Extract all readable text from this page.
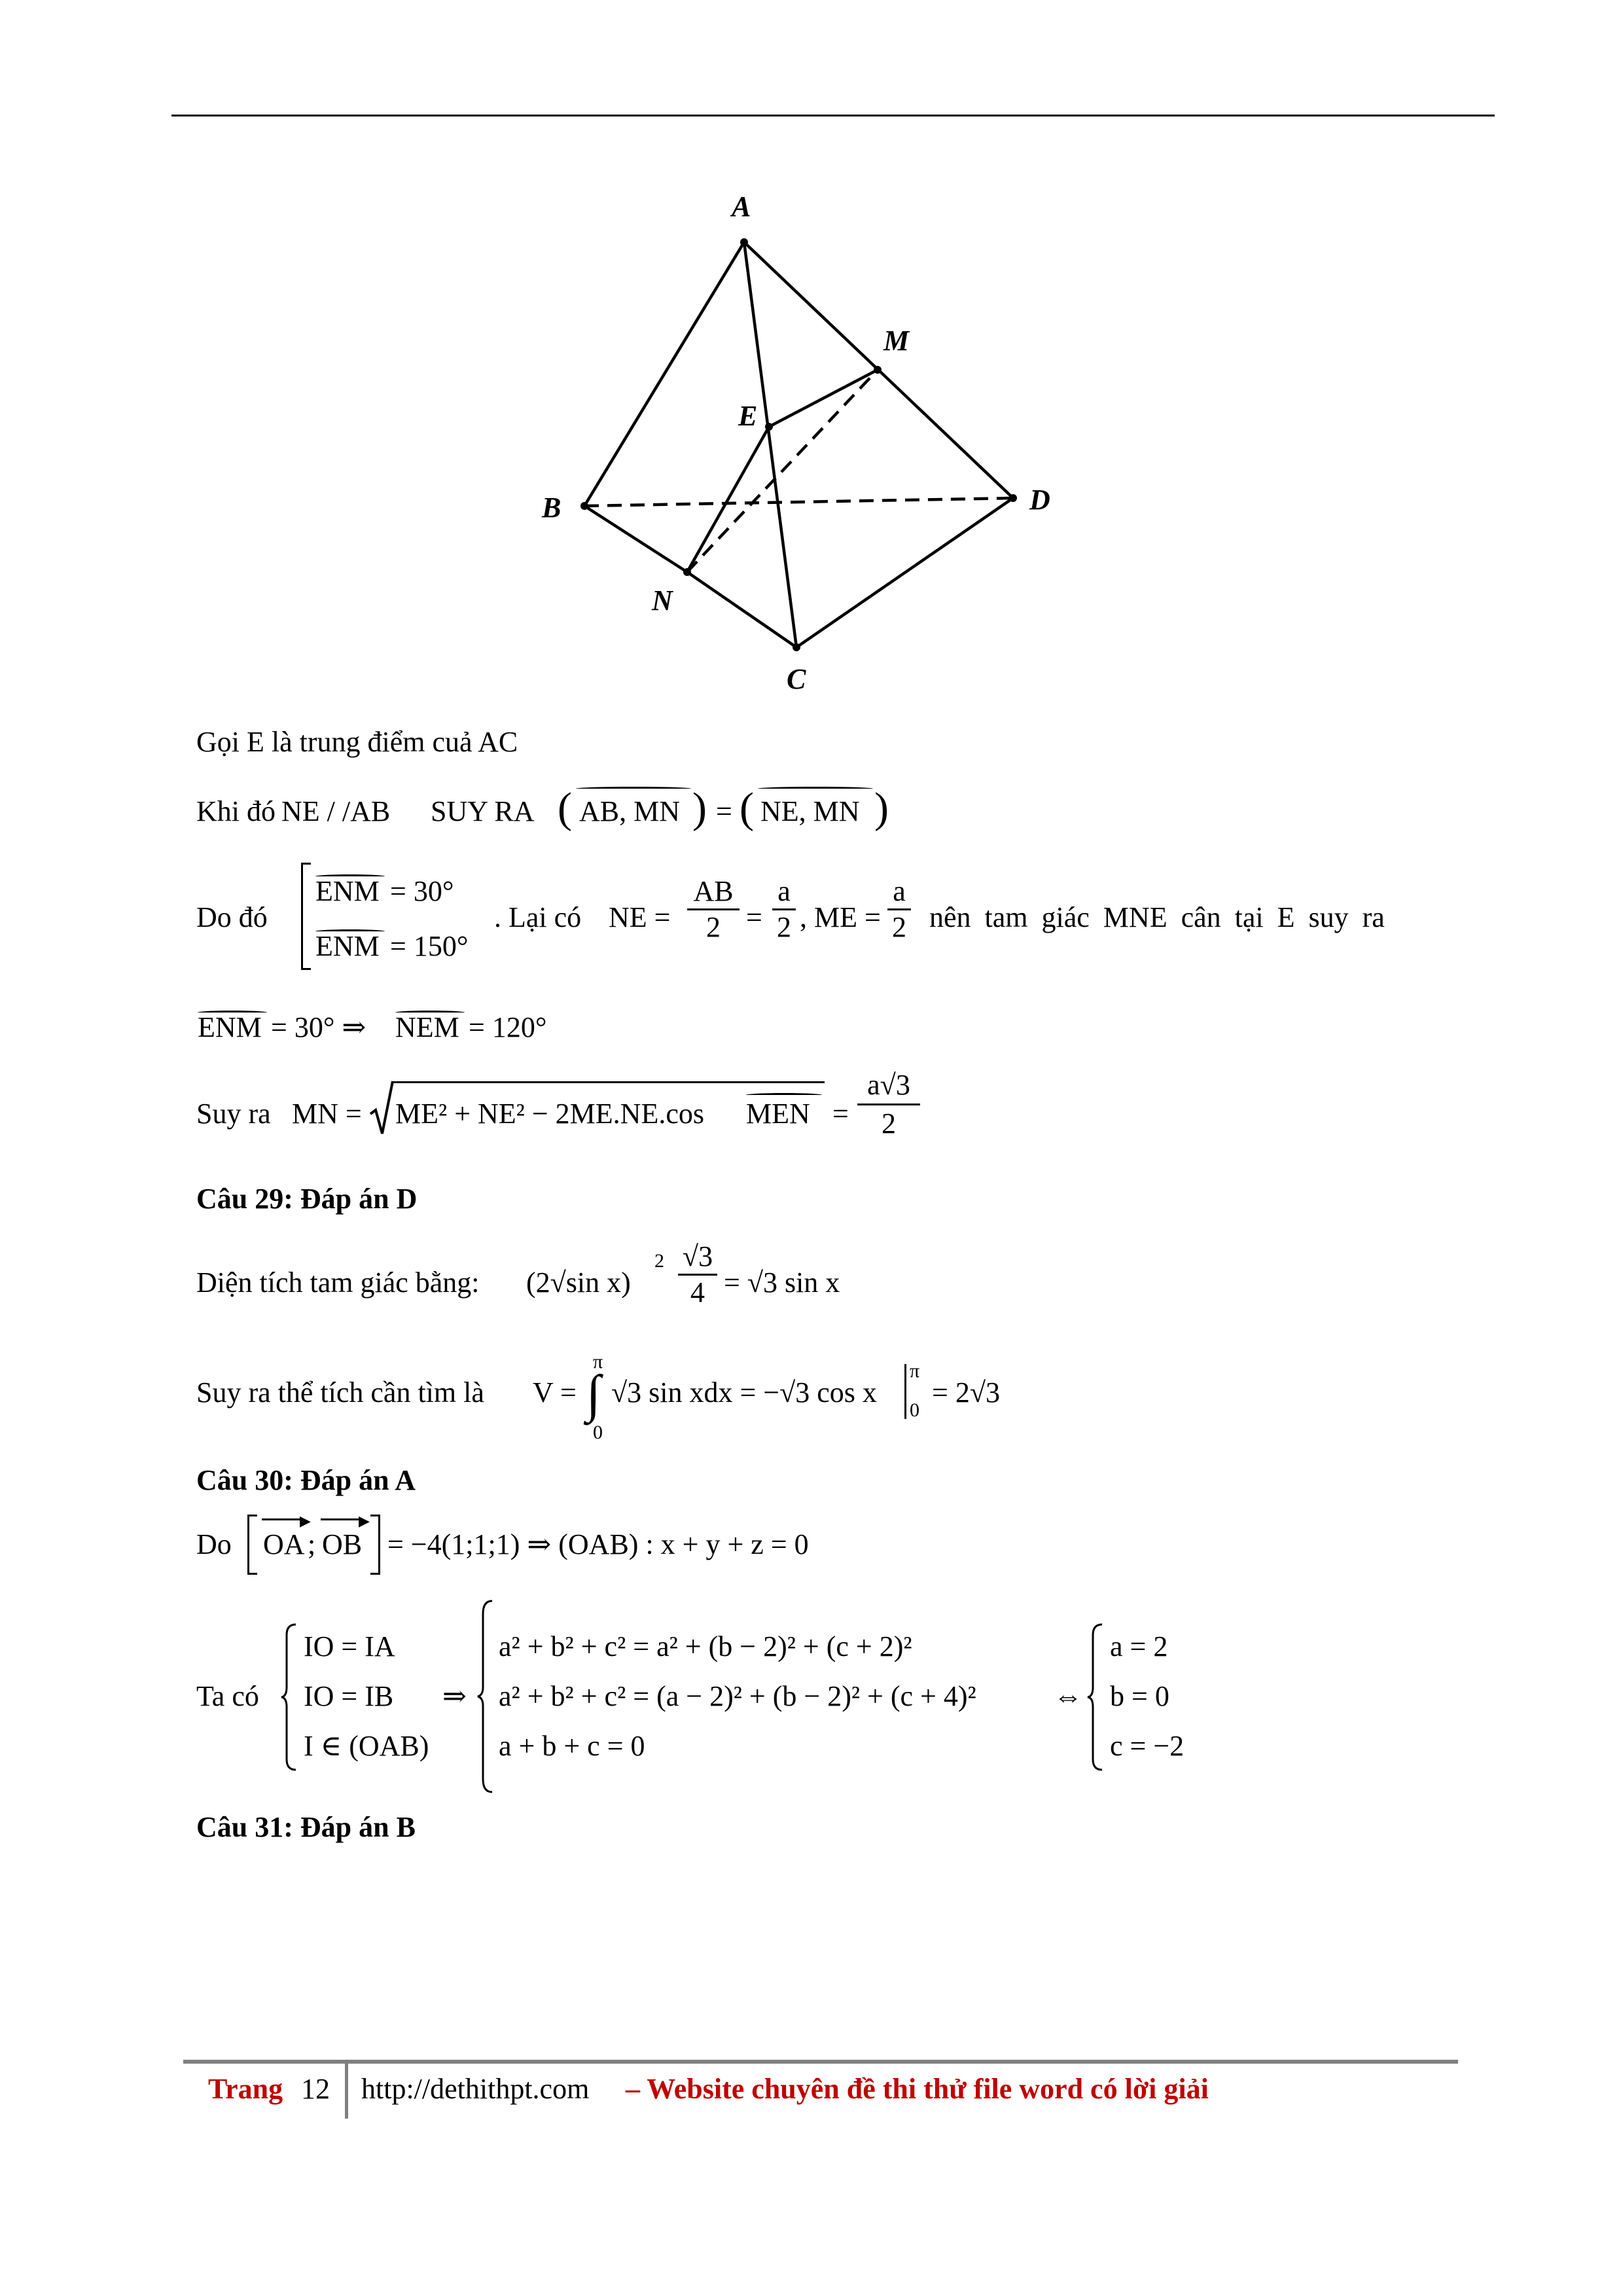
A
B
C
D
M
N
E
Gọi E là trung điểm cuả AC
Khi đó NE / /AB SUY RA ( AB, MN ) = ( NE, MN )
Do đó
ENM = 30°
ENM = 150°
. Lại có NE =
AB
2 =
a
2 , ME =
a
2 nên tam giác MNE cân tại E suy ra
ENM = 30° ⇒ NEM = 120°
Suy ra MN = ME² + NE² − 2ME.NE.cos MEN =
a√3
2
Câu 29: Đáp án D
Diện tích tam giác bằng: (2√sin x)
2 √3
4 = √3 sin x
Suy ra thể tích cần tìm là V =
π
∫
0
√3 sin xdx = −√3 cos x
π
0
= 2√3
Câu 30: Đáp án A
Do
▶
OA ;
▶
OB = −4(1;1;1) ⇒ (OAB) : x + y + z = 0
Ta có
IO = IA
IO = IB
I ∈ (OAB)
⇒
a² + b² + c² = a² + (b − 2)² + (c + 2)²
a² + b² + c² = (a − 2)² + (b − 2)² + (c + 4)²
a + b + c = 0
⇔
a = 2
b = 0
c = −2
Câu 31: Đáp án B
Trang 12 http://dethithpt.com – Website chuyên đề thi thử file word có lời giải
